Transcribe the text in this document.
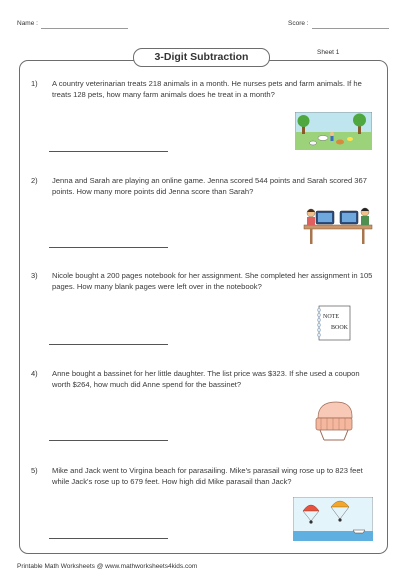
Name :	Score :
3-Digit Subtraction	Sheet 1
1) A country veterinarian treats 218 animals in a month. He nurses pets and farm animals. If he treats 128 pets, how many farm animals does he treat in a month?
2) Jenna and Sarah are playing an online game. Jenna scored 544 points and Sarah scored 367 points. How many more points did Jenna score than Sarah?
3) Nicole bought a 200 pages notebook for her assignment. She completed her assignment in 105 pages. How many blank pages were left over in the notebook?
NOTE
BOOK
4) Anne bought a bassinet for her little daughter. The list price was $323. If she used a coupon worth $264, how much did Anne spend for the bassinet?
5) Mike and Jack went to Virgina beach for parasailing. Mike's parasail wing rose up to 823 feet while Jack's rose up to 679 feet. How high did Mike parasail than Jack?
Printable Math Worksheets @ www.mathworksheets4kids.com
